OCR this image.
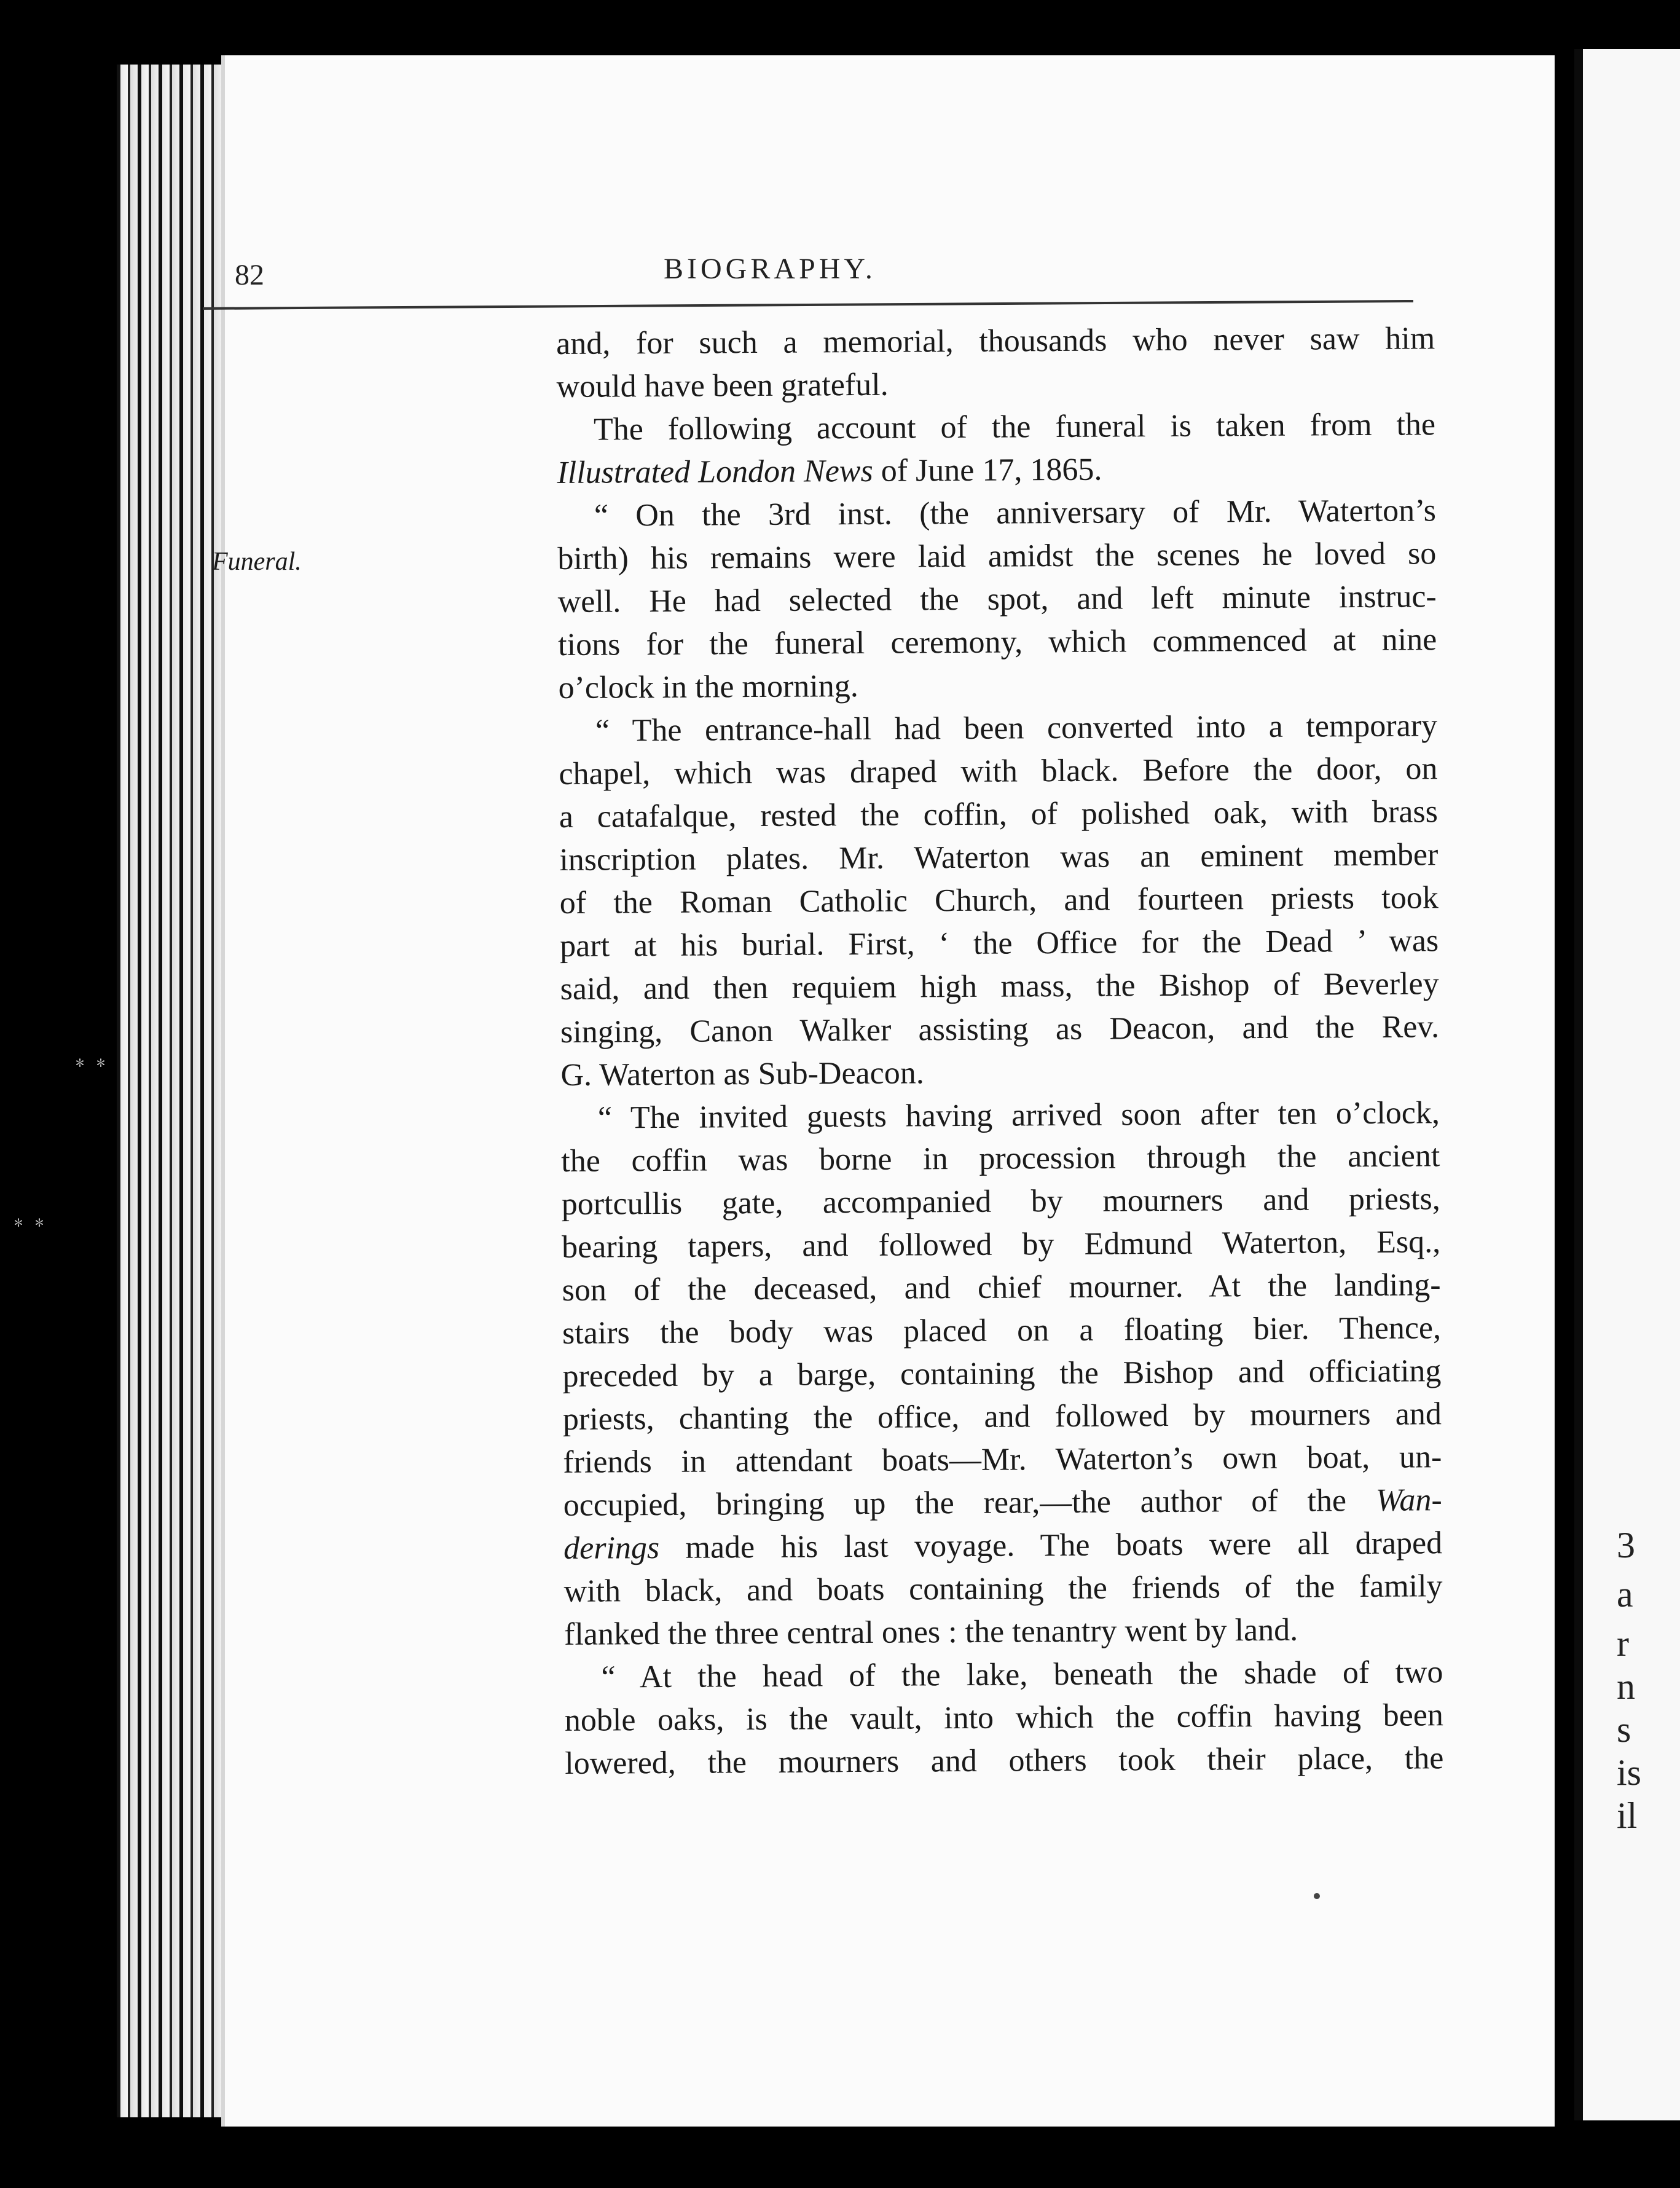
﹡﹡
﹡﹡
3
a
r
n
s
is
il
82	BIOGRAPHY.
Funeral.
and, for such a memorial, thousands who never saw him
would have been grateful.
The following account of the funeral is taken from the
Illustrated London News of June 17, 1865.
“ On the 3rd inst. (the anniversary of Mr. Waterton’s
birth) his remains were laid amidst the scenes he loved so
well. He had selected the spot, and left minute instruc-
tions for the funeral ceremony, which commenced at nine
o’clock in the morning.
“ The entrance-hall had been converted into a temporary
chapel, which was draped with black. Before the door, on
a catafalque, rested the coffin, of polished oak, with brass
inscription plates. Mr. Waterton was an eminent member
of the Roman Catholic Church, and fourteen priests took
part at his burial. First, ‘ the Office for the Dead ’ was
said, and then requiem high mass, the Bishop of Beverley
singing, Canon Walker assisting as Deacon, and the Rev.
G. Waterton as Sub-Deacon.
“ The invited guests having arrived soon after ten o’clock,
the coffin was borne in procession through the ancient
portcullis gate, accompanied by mourners and priests,
bearing tapers, and followed by Edmund Waterton, Esq.,
son of the deceased, and chief mourner. At the landing-
stairs the body was placed on a floating bier. Thence,
preceded by a barge, containing the Bishop and officiating
priests, chanting the office, and followed by mourners and
friends in attendant boats—Mr. Waterton’s own boat, un-
occupied, bringing up the rear,—the author of the Wan-
derings made his last voyage. The boats were all draped
with black, and boats containing the friends of the family
flanked the three central ones : the tenantry went by land.
“ At the head of the lake, beneath the shade of two
noble oaks, is the vault, into which the coffin having been
lowered, the mourners and others took their place, the
